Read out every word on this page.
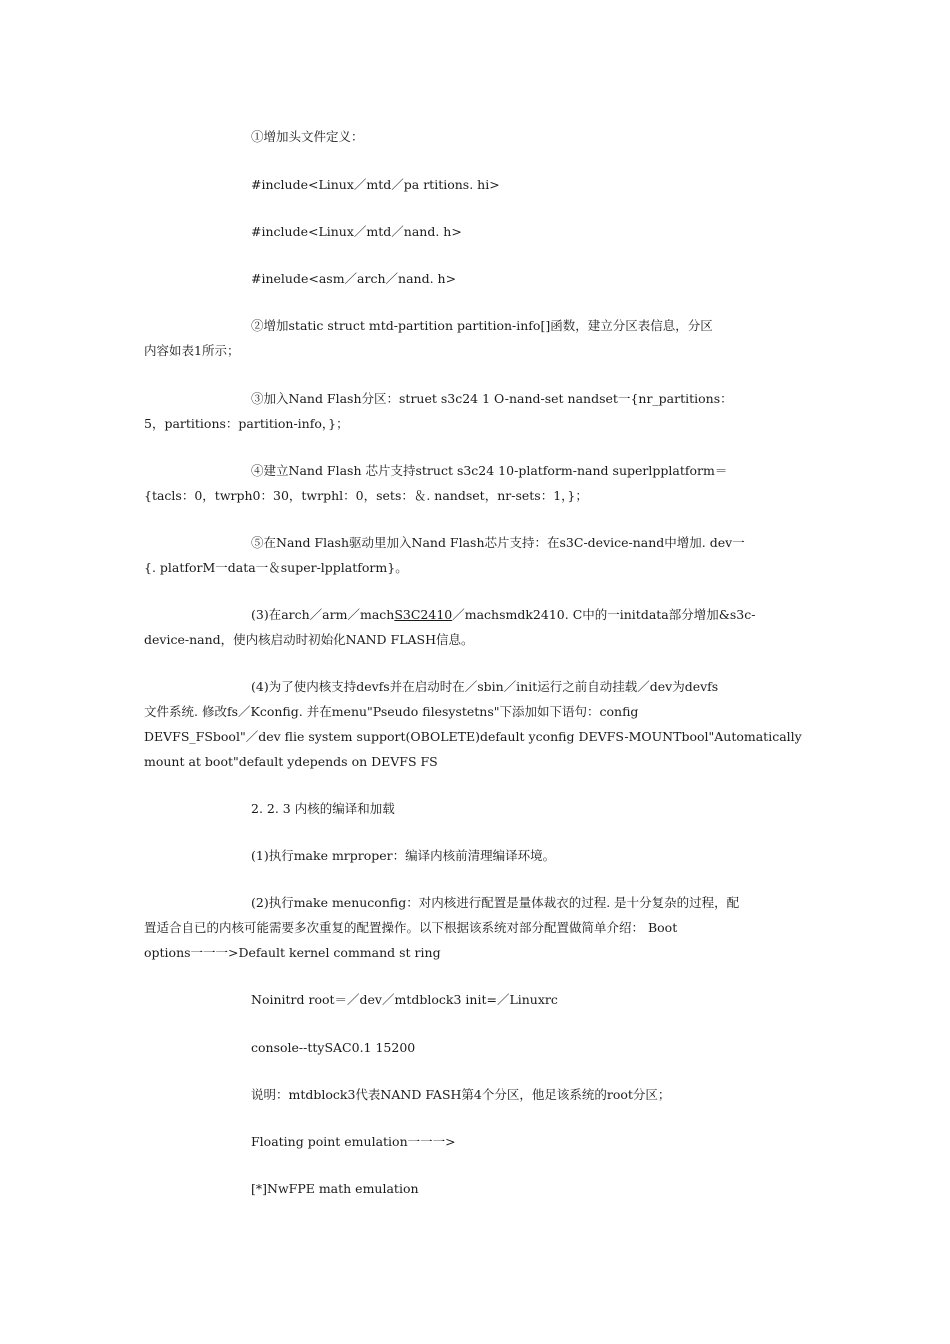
①增加头文件定义：

#include<Linux／mtd／pa rtitions. hi>

#include<Linux／mtd／nand. h>

#inelude<asm／arch／nand. h>

②增加static struct mtd-partition partition-info[]函数，建立分区表信息，分区
内容如表1所示；

③加入Nand Flash分区：struet s3c24 1 O-nand-set nandset一{nr_partitions：
5，partitions：partition-info，}；

④建立Nand Flash 芯片支持struct s3c24 10-platform-nand superlpplatform＝
{tacls：0，twrph0：30，twrphl：0，sets：＆. nandset，nr-sets：1，}；

⑤在Nand Flash驱动里加入Nand Flash芯片支持：在s3C-device-nand中增加. dev一
{. platforM一data一＆super-lpplatform}。

(3)在arch／arm／machS3C2410／machsmdk2410. C中的一initdata部分增加&s3c-
device-nand，使内核启动时初始化NAND FLASH信息。

(4)为了使内核支持devfs并在启动时在／sbin／init运行之前自动挂载／dev为devfs
文件系统. 修改fs／Kconfig. 并在menu"Pseudo filesystetns"下添加如下语句：config
DEVFS_FSbool"／dev flie system support(OBOLETE)default yconfig DEVFS-MOUNTbool"Automatically
mount at boot"default ydepends on DEVFS FS

2. 2. 3 内核的编译和加载

(1)执行make mrproper：编译内核前清理编译环境。

(2)执行make menuconfig：对内核进行配置是量体裁衣的过程. 是十分复杂的过程，配
置适合自已的内核可能需要多次重复的配置操作。以下根据该系统对部分配置做简单介绍： Boot
options一一一>Default kernel command st ring

Noinitrd root＝／dev／mtdblock3 init=／Linuxrc

console--ttySAC0.1 15200

说明：mtdblock3代表NAND FASH第4个分区，他足该系统的root分区；

Floating point emulation一一一>

[*]NwFPE math emulation
